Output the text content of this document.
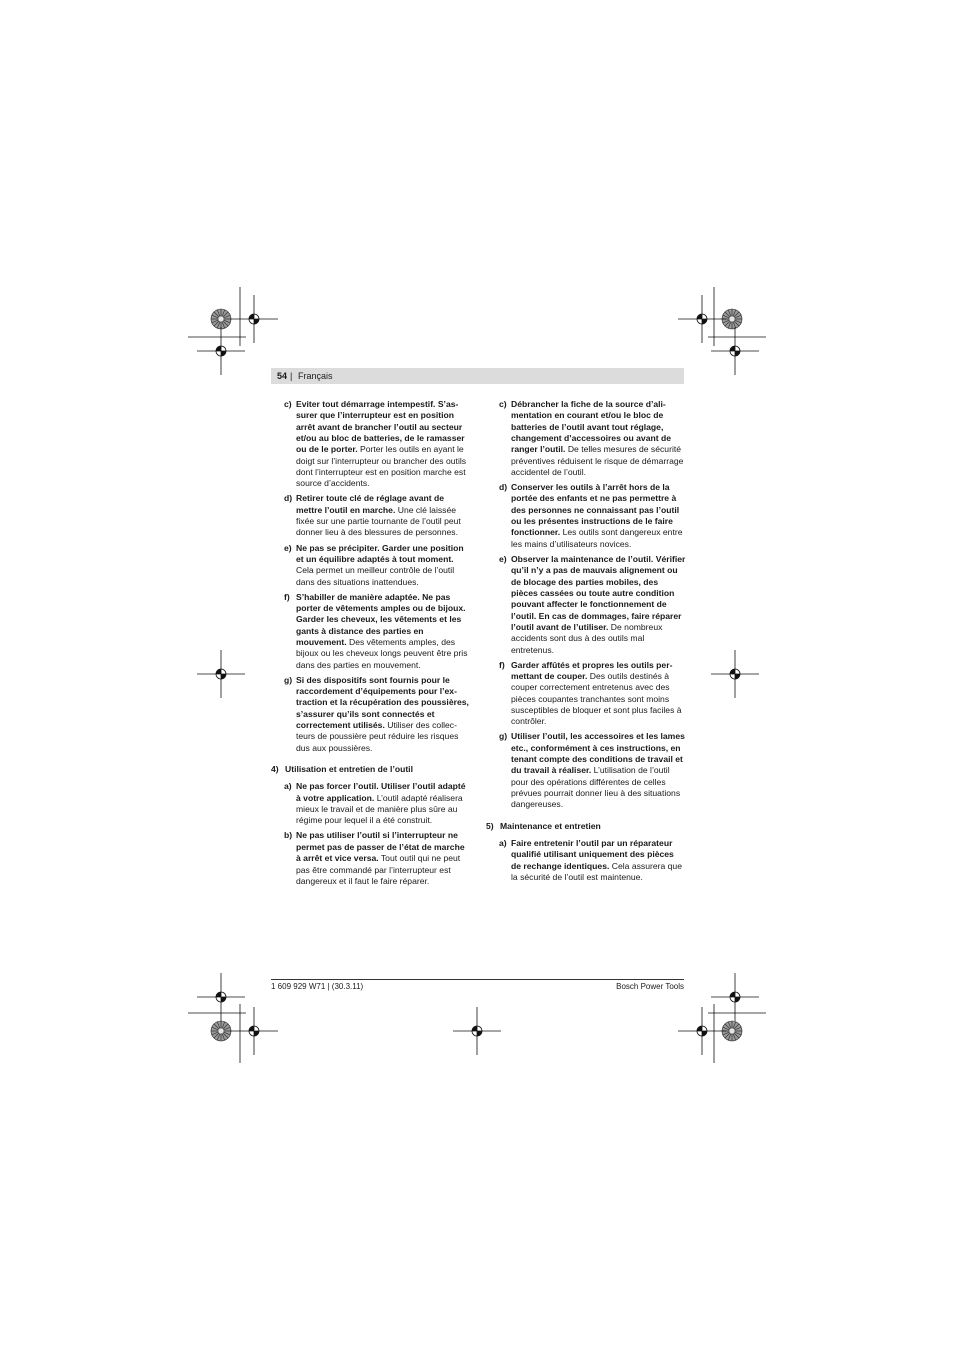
54 | Français
c) Eviter tout démarrage intempestif. S’assurer que l’interrupteur est en position arrêt avant de brancher l’outil au secteur et/ou au bloc de batteries, de le ramasser ou de le porter. Porter les outils en ayant le doigt sur l’interrupteur ou brancher des outils dont l’interrupteur est en position marche est source d’accidents.
d) Retirer toute clé de réglage avant de mettre l’outil en marche. Une clé laissée fixée sur une partie tournante de l’outil peut donner lieu à des blessures de personnes.
e) Ne pas se précipiter. Garder une position et un équilibre adaptés à tout moment. Cela permet un meilleur contrôle de l’outil dans des situations inattendues.
f) S’habiller de manière adaptée. Ne pas porter de vêtements amples ou de bijoux. Garder les cheveux, les vêtements et les gants à distance des parties en mouvement. Des vêtements amples, des bijoux ou les cheveux longs peuvent être pris dans des parties en mouvement.
g) Si des dispositifs sont fournis pour le raccordement d’équipements pour l’extraction et la récupération des poussières, s’assurer qu’ils sont connectés et correctement utilisés. Utiliser des collecteurs de poussière peut réduire les risques dus aux poussières.
4) Utilisation et entretien de l’outil
a) Ne pas forcer l’outil. Utiliser l’outil adapté à votre application. L’outil adapté réalisera mieux le travail et de manière plus sûre au régime pour lequel il a été construit.
b) Ne pas utiliser l’outil si l’interrupteur ne permet pas de passer de l’état de marche à arrêt et vice versa. Tout outil qui ne peut pas être commandé par l’interrupteur est dangereux et il faut le faire réparer.
c) Débrancher la fiche de la source d’alimentation en courant et/ou le bloc de batteries de l’outil avant tout réglage, changement d’accessoires ou avant de ranger l’outil. De telles mesures de sécurité préventives réduisent le risque de démarrage accidentel de l’outil.
d) Conserver les outils à l’arrêt hors de la portée des enfants et ne pas permettre à des personnes ne connaissant pas l’outil ou les présentes instructions de le faire fonctionner. Les outils sont dangereux entre les mains d’utilisateurs novices.
e) Observer la maintenance de l’outil. Vérifier qu’il n’y a pas de mauvais alignement ou de blocage des parties mobiles, des pièces cassées ou toute autre condition pouvant affecter le fonctionnement de l’outil. En cas de dommages, faire réparer l’outil avant de l’utiliser. De nombreux accidents sont dus à des outils mal entretenus.
f) Garder affûtés et propres les outils permettant de couper. Des outils destinés à couper correctement entretenus avec des pièces coupantes tranchantes sont moins susceptibles de bloquer et sont plus faciles à contrôler.
g) Utiliser l’outil, les accessoires et les lames etc., conformément à ces instructions, en tenant compte des conditions de travail et du travail à réaliser. L’utilisation de l’outil pour des opérations différentes de celles prévues pourrait donner lieu à des situations dangereuses.
5) Maintenance et entretien
a) Faire entretenir l’outil par un réparateur qualifié utilisant uniquement des pièces de rechange identiques. Cela assurera que la sécurité de l’outil est maintenue.
1 609 929 W71 | (30.3.11)	Bosch Power Tools
